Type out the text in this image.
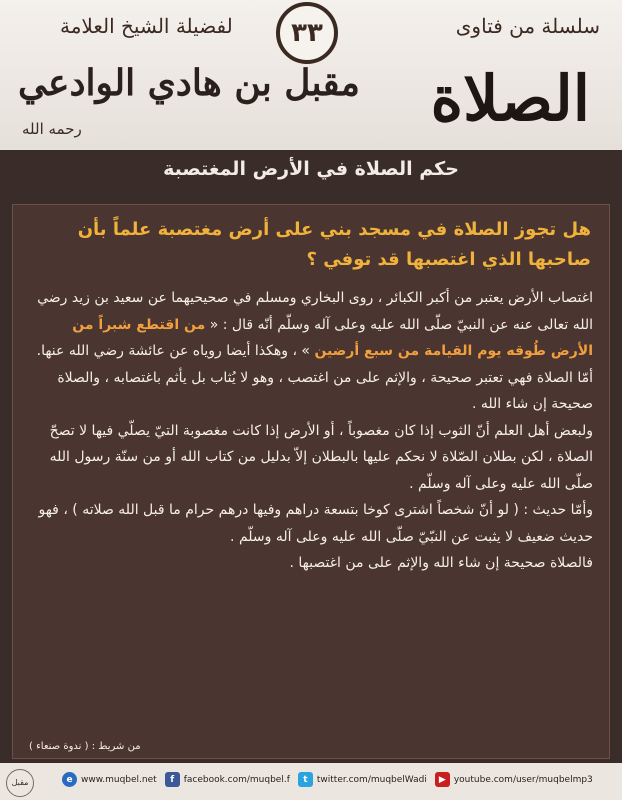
سلسلة من فتاوى
٣٣
لفضيلة الشيخ العلامة
الصلاة
مقبل بن هادي الوادعي
رحمه الله
حكم الصلاة في الأرض المغتصبة
هل تجوز الصلاة في مسجد بني على أرض مغتصبة علماً بأن صاحبها الذي اغتصبها قد توفي ؟

اغتصاب الأرض يعتبر من أكبر الكبائر ، روى البخاري ومسلم في صحيحيهما عن سعيد بن زيد رضي الله تعالى عنه عن النبيّ صلّى الله عليه وعلى آله وسلّم أنّه قال : « من اقتطع شبراً من الأرض طُوقه يوم القيامة من سبع أرضين » ، وهكذا أيضا روياه عن عائشة رضي الله عنها.

أمّا الصلاة فهي تعتبر صحيحة ، والإثم على من اغتصب ، وهو لا يُثاب بل يأثم باغتصابه ، والصلاة صحيحة إن شاء الله .

ولبعض أهل العلم أنّ الثوب إذا كان مغصوباً ، أو الأرض إذا كانت مغصوبة التيّ يصلّي فيها لا تصحّ الصلاة ، لكن بطلان الصّلاة لا نحكم عليها بالبطلان إلاّ بدليل من كتاب الله أو من سنّة رسول الله صلّى الله عليه وعلى آله وسلّم .

وأمّا حديث : ( لو أنّ شخصاً اشترى كوخا بتسعة دراهم وفيها درهم حرام ما قبل الله صلاته ) ، فهو حديث ضعيف لا يثبت عن النبّيّ صلّى الله عليه وعلى آله وسلّم .

فالصلاة صحيحة إن شاء الله والإثم على من اغتصبها .

من شريط : ( ندوة صنعاء )
مقبل	e www.muqbel.net	f	facebook.com/muqbel.f	t	twitter.com/muqbelWadi	▶ youtube.com/user/muqbelmp3
